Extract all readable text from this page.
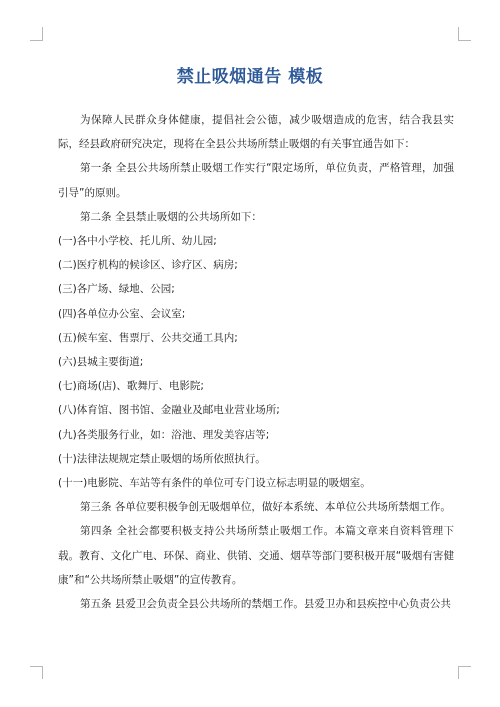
禁止吸烟通告 模板

为保障人民群众身体健康，提倡社会公德，减少吸烟造成的危害，结合我县实际，经县政府研究决定，现将在全县公共场所禁止吸烟的有关事宜通告如下：

第一条 全县公共场所禁止吸烟工作实行“限定场所，单位负责，严格管理，加强引导”的原则。

第二条 全县禁止吸烟的公共场所如下：

(一)各中小学校、托儿所、幼儿园;

(二)医疗机构的候诊区、诊疗区、病房;

(三)各广场、绿地、公园;

(四)各单位办公室、会议室;

(五)候车室、售票厅、公共交通工具内;

(六)县城主要街道;

(七)商场(店)、歌舞厅、电影院;

(八)体育馆、图书馆、金融业及邮电业营业场所;

(九)各类服务行业，如：浴池、理发美容店等;

(十)法律法规规定禁止吸烟的场所依照执行。

(十一)电影院、车站等有条件的单位可专门设立标志明显的吸烟室。

第三条 各单位要积极争创无吸烟单位，做好本系统、本单位公共场所禁烟工作。

第四条 全社会都要积极支持公共场所禁止吸烟工作。本篇文章来自资料管理下载。教育、文化广电、环保、商业、供销、交通、烟草等部门要积极开展“吸烟有害健康”和“公共场所禁止吸烟”的宣传教育。

第五条 县爱卫会负责全县公共场所的禁烟工作。县爱卫办和县疾控中心负责公共
